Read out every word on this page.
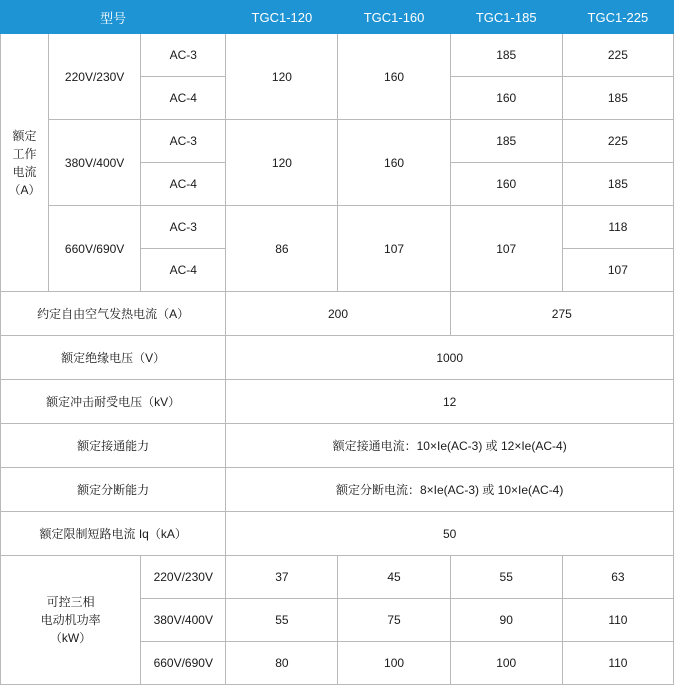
型号			TGC1-120	TGC1-160	TGC1-185	TGC1-225

额定
工作
电流
（A）	220V/230V	AC-3	120	160	185	225
		AC-4			160	185
	380V/400V	AC-3	120	160	185	225
		AC-4			160	185
	660V/690V	AC-3	86	107	107	118
		AC-4				107
约定自由空气发热电流（A）			200		275	
额定绝缘电压（V）			1000			
额定冲击耐受电压（kV）			12			
额定接通能力			额定接通电流：10×Ie(AC-3) 或 12×Ie(AC-4)			
额定分断能力			额定分断电流：8×Ie(AC-3) 或 10×Ie(AC-4)			
额定限制短路电流 Iq（kA）			50			

可控三相
电动机功率
（kW）		220V/230V	37	45	55	63
		380V/400V	55	75	90	110
		660V/690V	80	100	100	110
